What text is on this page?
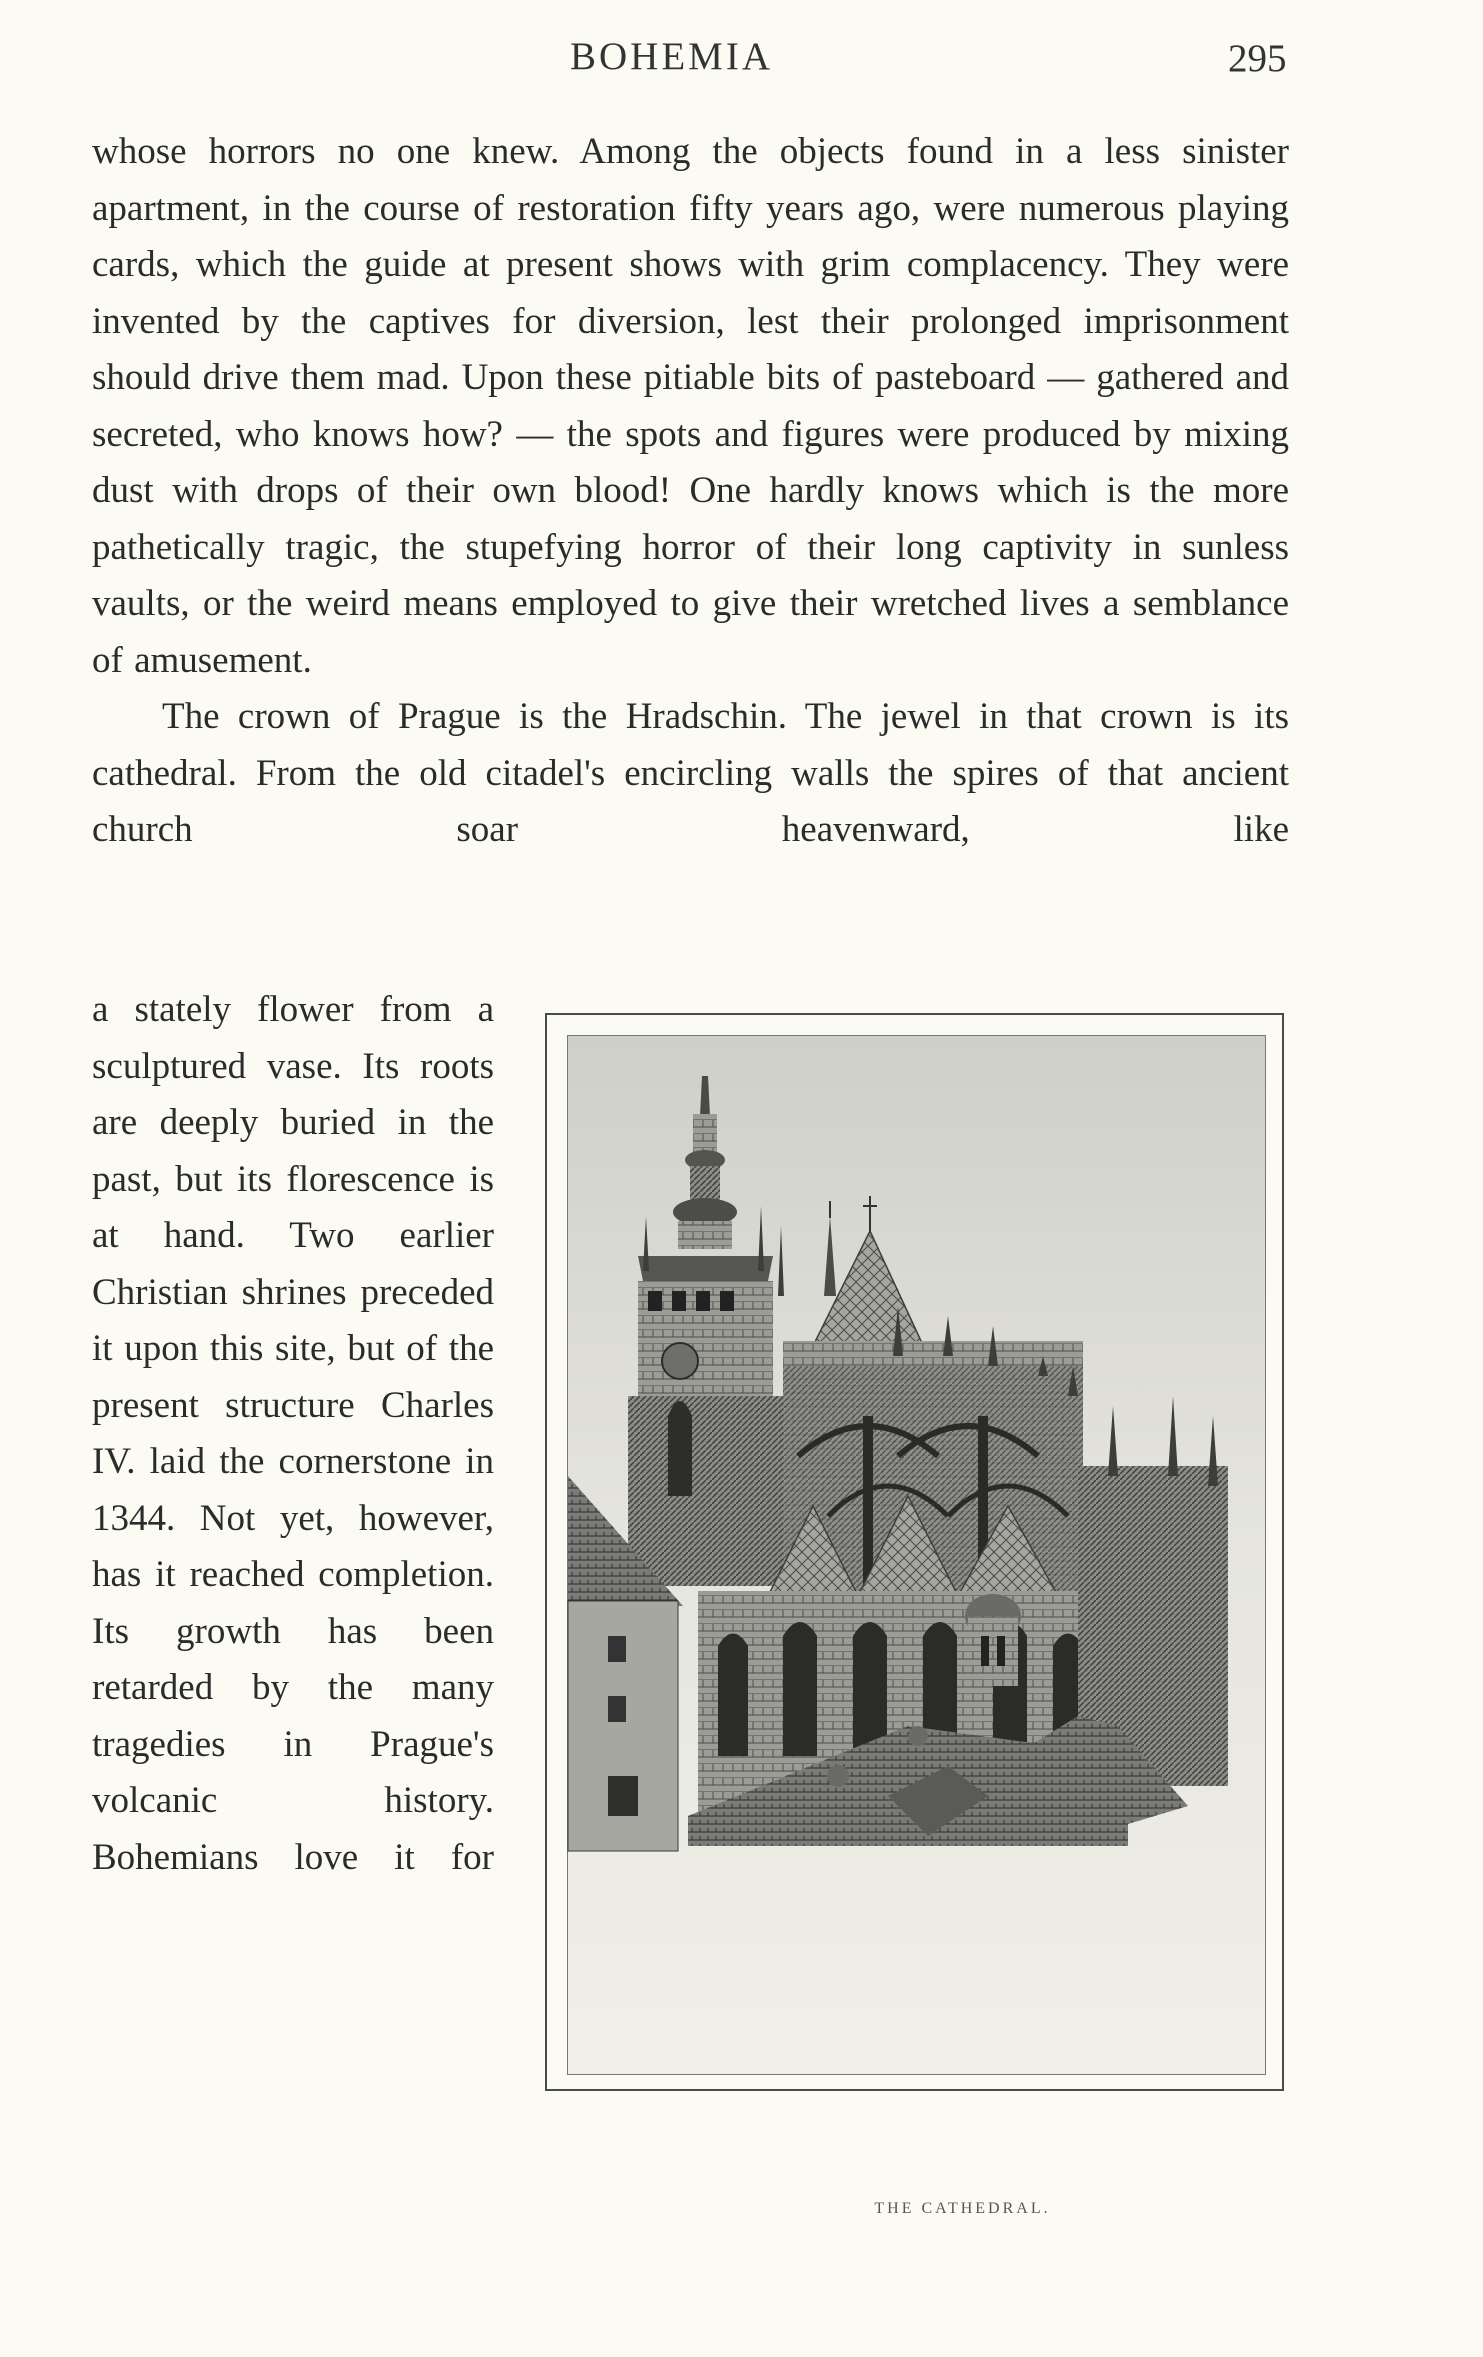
BOHEMIA	295

whose horrors no one knew. Among the objects found in a less sinister apartment, in the course of restoration fifty years ago, were numerous playing cards, which the guide at present shows with grim complacency. They were invented by the captives for diversion, lest their prolonged imprisonment should drive them mad. Upon these pitiable bits of pasteboard — gathered and secreted, who knows how? — the spots and figures were produced by mixing dust with drops of their own blood! One hardly knows which is the more pathetically tragic, the stupefying horror of their long captivity in sunless vaults, or the weird means employed to give their wretched lives a semblance of amusement.

The crown of Prague is the Hradschin. The jewel in that crown is its cathedral. From the old citadel's encircling walls the spires of that ancient church soar heavenward, like

a stately flower from a sculptured vase. Its roots are deeply buried in the past, but its florescence is at hand. Two earlier Christian shrines preceded it upon this site, but of the present structure Charles IV. laid the cornerstone in 1344. Not yet, however, has it reached completion. Its growth has been retarded by the many tragedies in Prague's volcanic history. Bohemians love it for
THE CATHEDRAL.
